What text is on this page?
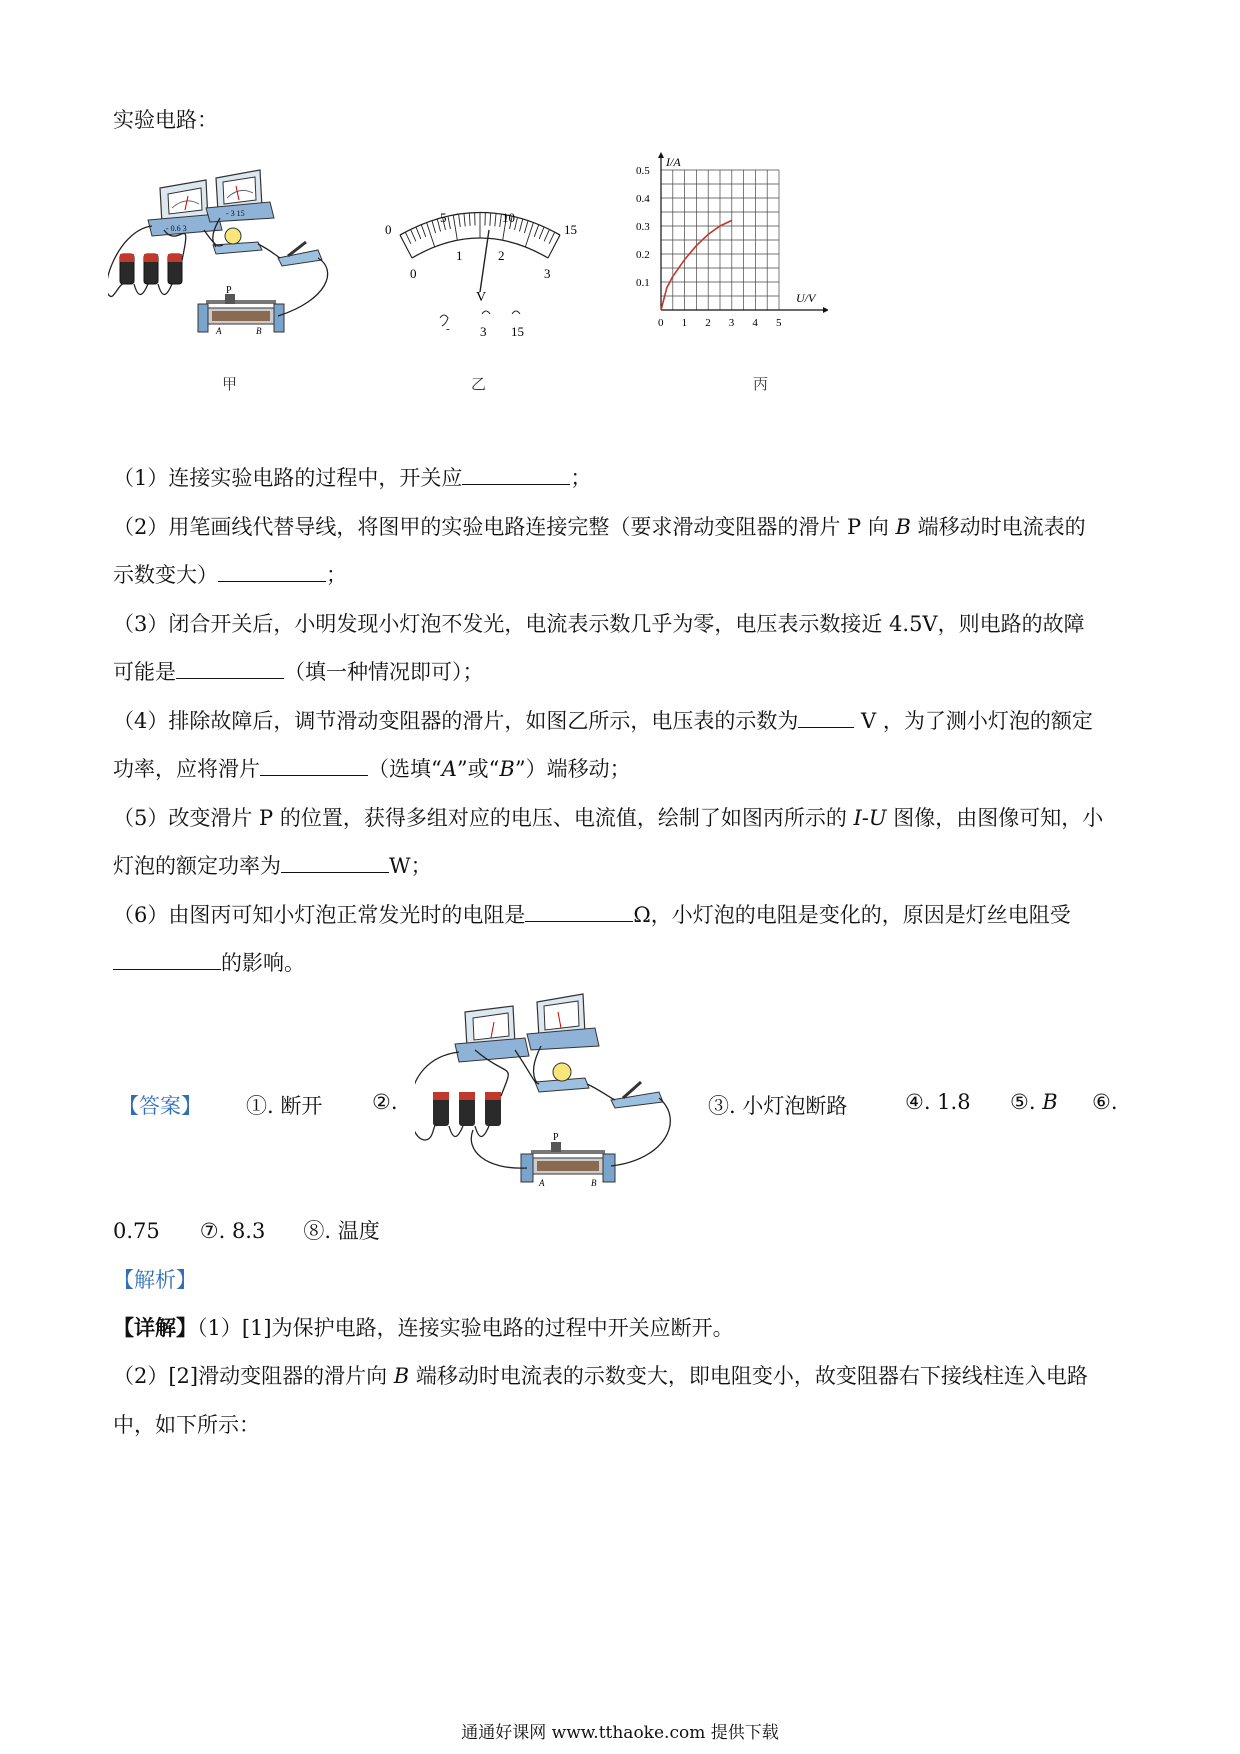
实验电路：
- 0.6 3
- 3 15
P
A	B
0
5	10
15
0
1	2
3
V
- 3 15
I/A
U/V
0.5
0.4
0.3
0.2
0.1
0 1 2 3 4 5
甲	乙	丙
（1）连接实验电路的过程中，开关应	；
（2）用笔画线代替导线，将图甲的实验电路连接完整（要求滑动变阻器的滑片 P 向 B 端移动时电流表的
示数变大）	；
（3）闭合开关后，小明发现小灯泡不发光，电流表示数几乎为零，电压表示数接近 4.5V，则电路的故障
可能是	（填一种情况即可）；
（4）排除故障后，调节滑动变阻器的滑片，如图乙所示，电压表的示数为	V ，为了测小灯泡的额定
功率，应将滑片	（选填“A”或“B”）端移动；
（5）改变滑片 P 的位置，获得多组对应的电压、电流值，绘制了如图丙所示的 I-U 图像，由图像可知，小
灯泡的额定功率为	W；
（6）由图丙可知小灯泡正常发光时的电阻是	Ω，小灯泡的电阻是变化的，原因是灯丝电阻受
的影响。
【答案】 ①. 断开 ②.
P
A	B
③. 小灯泡断路	④. 1.8 ⑤. B ⑥.
0.75 ⑦. 8.3 ⑧. 温度
【解析】
【详解】（1）[1]为保护电路，连接实验电路的过程中开关应断开。
（2）[2]滑动变阻器的滑片向 B 端移动时电流表的示数变大，即电阻变小，故变阻器右下接线柱连入电路
中，如下所示：
通通好课网 www.tthaoke.com 提供下载
